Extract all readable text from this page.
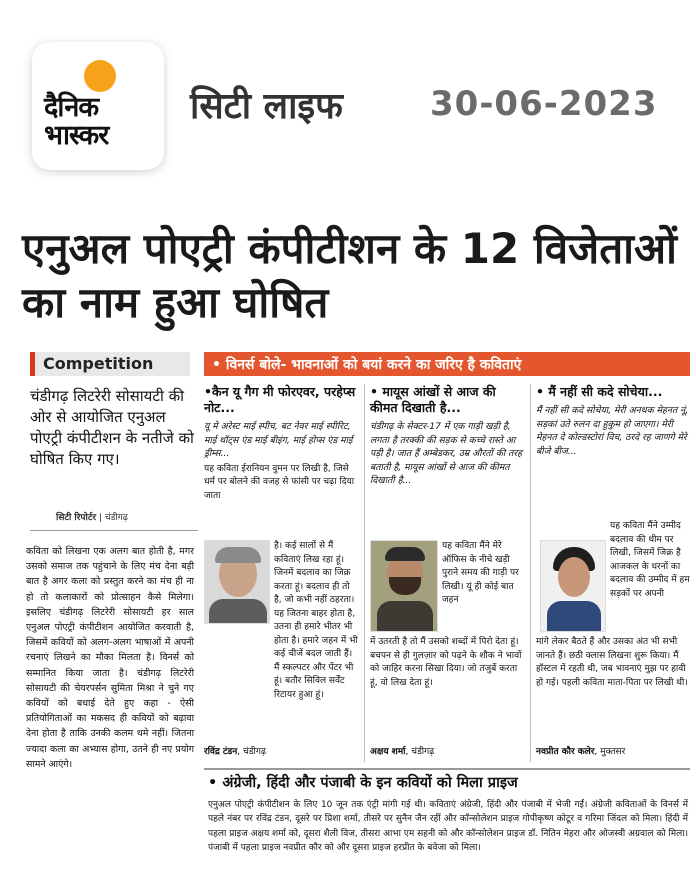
दैनिक
भास्कर
सिटी लाइफ	30-06-2023
एनुअल पोएट्री कंपीटीशन के 12 विजेताओं का नाम हुआ घोषित
Competition	• विनर्स बोले- भावनाओं को बयां करने का जरिए है कविताएं
चंडीगढ़ लिटरेरी सोसायटी की ओर से आयोजित एनुअल पोएट्री कंपीटीशन के नतीजे को घोषित किए गए।
सिटी रिपोर्टर | चंडीगढ़
कविता को लिखना एक अलग बात होती है, मगर उसको समाज तक पहुंचाने के लिए मंच देना बड़ी बात है अगर कला को प्रस्तुत करने का मंच ही ना हो तो कलाकारों को प्रोत्साहन कैसे मिलेगा। इसलिए चंडीगढ़ लिटरेरी सोसायटी हर साल एनुअल पोएट्री कंपीटीशन आयोजित करवाती है, जिसमें कवियों को अलग-अलग भाषाओं में अपनी रचनाएं लिखने का मौका मिलता है। विनर्स को सम्मानित किया जाता है। चंडीगढ़ लिटरेरी सोसायटी की चेयरपर्सन सुमिता मिश्रा ने चुने गए कवियों को बधाई देते हुए कहा - ऐसी प्रतियोगिताओं का मकसद ही कवियों को बढ़ावा देना होता है ताकि उनकी कलम थमे नहीं। जितना ज्यादा कला का अभ्यास होगा, उतने ही नए प्रयोग सामने आएंगे।
•कैन यू गैग मी फोरएवर, परहेप्स नोट...
यू मे अरेस्ट माई स्पीच, बट नेवर माई स्पीरिट, माई थॉट्स एंड माई बीइंग, माई होप्स एंड माई ड्रीम्स...
यह कविता ईरानियन वुमन पर लिखी है, जिसे धर्म पर बोलने की वजह से फांसी पर चढ़ा दिया जाता
है। कई सालों से मैं कविताएं लिख रहा हूं। जिनमें बदलाव का जिक्र करता हूं। बदलाव ही तो है, जो कभी नहीं ठहरता। यह जितना बाहर होता है, उतना ही हमारे भीतर भी होता है। हमारे जहन में भी कई चीजें बदल जाती हैं। मैं स्कल्पटर और पेंटर भी हूं। बतौर सिविल सर्वेंट रिटायर हुआ हूं।
रविंद्र टंडन, चंडीगढ़
• मायूस आंखों से आज की कीमत दिखाती है...
चंडीगढ़ के सेक्टर-17 में एक गाड़ी खड़ी है, लगता है तरक्की की सड़क से कच्चे रास्ते आ पड़ी है। जात हैं अम्बेडकर, उम्र औरतों की तरह बताती है, मायूस आंखों से आज की कीमत दिखाती है...
यह कविता मैंने मेरे ऑफिस के नीचे खड़ी पुराने समय की गाड़ी पर लिखी। यूं ही कोई बात जहन
में उतरती है तो मैं उसको शब्दों में पिरो देता हूं। बचपन से ही गुलज़ार को पढ़ने के शौक ने भावों को जाहिर करना सिखा दिया। जो तजुर्बे करता हूं, वो लिख देता हूं।
अक्षय शर्मा, चंडीगढ़
• मैं नहीं सी कदे सोचेया...
मैं नहीं सी कदे सोचेया, मेरी अनथक मेहनत नूं, सड़कां उते रुलन दा हुकुम हो जाएगा। मेरी मेहनत दे कोल्डस्टोरां विच, ठरदे रह जाणगे मेरे बीजे बीज...
यह कविता मैंने उम्मीद बदलाव की थीम पर लिखी, जिसमें जिक्र है आजकल के धरनों का बदलाव की उम्मीद में हम सड़कों पर अपनी
मांगे लेकर बैठते हैं और उसका अंत भी सभी जानते हैं। छठी क्लास लिखना शुरू किया। मैं हॉस्टल में रहती थी, जब भावनाएं मुझ पर हावी हो गई। पहली कविता माता-पिता पर लिखी थी।
नवप्रीत कौर कलेर, मुक्तसर
• अंग्रेजी, हिंदी और पंजाबी के इन कवियों को मिला प्राइज
एनुअल पोएट्री कंपीटीशन के लिए 10 जून तक एंट्री मांगी गई थी। कविताएं अंग्रेजी, हिंदी और पंजाबी में भेजी गईं। अंग्रेजी कविताओं के विनर्स में पहले नंबर पर रविंद्र टंडन, दूसरे पर प्रिशा शर्मा, तीसरे पर सुनैन जैन रहीं और कॉन्सोलेशन प्राइज गोपीकृष्ण कोटूर व गरिमा जिंदल को मिला। हिंदी में पहला प्राइज अक्षय शर्मा को, दूसरा शैली विज, तीसरा आभा एम सहनी को और कॉन्सोलेशन प्राइज डॉ. नितिन मेहरा और ओजस्वी अग्रवाल को मिला। पंजाबी में पहला प्राइज नवप्रीत कौर को और दूसरा प्राइज हरप्रीत के बवेजा को मिला।
